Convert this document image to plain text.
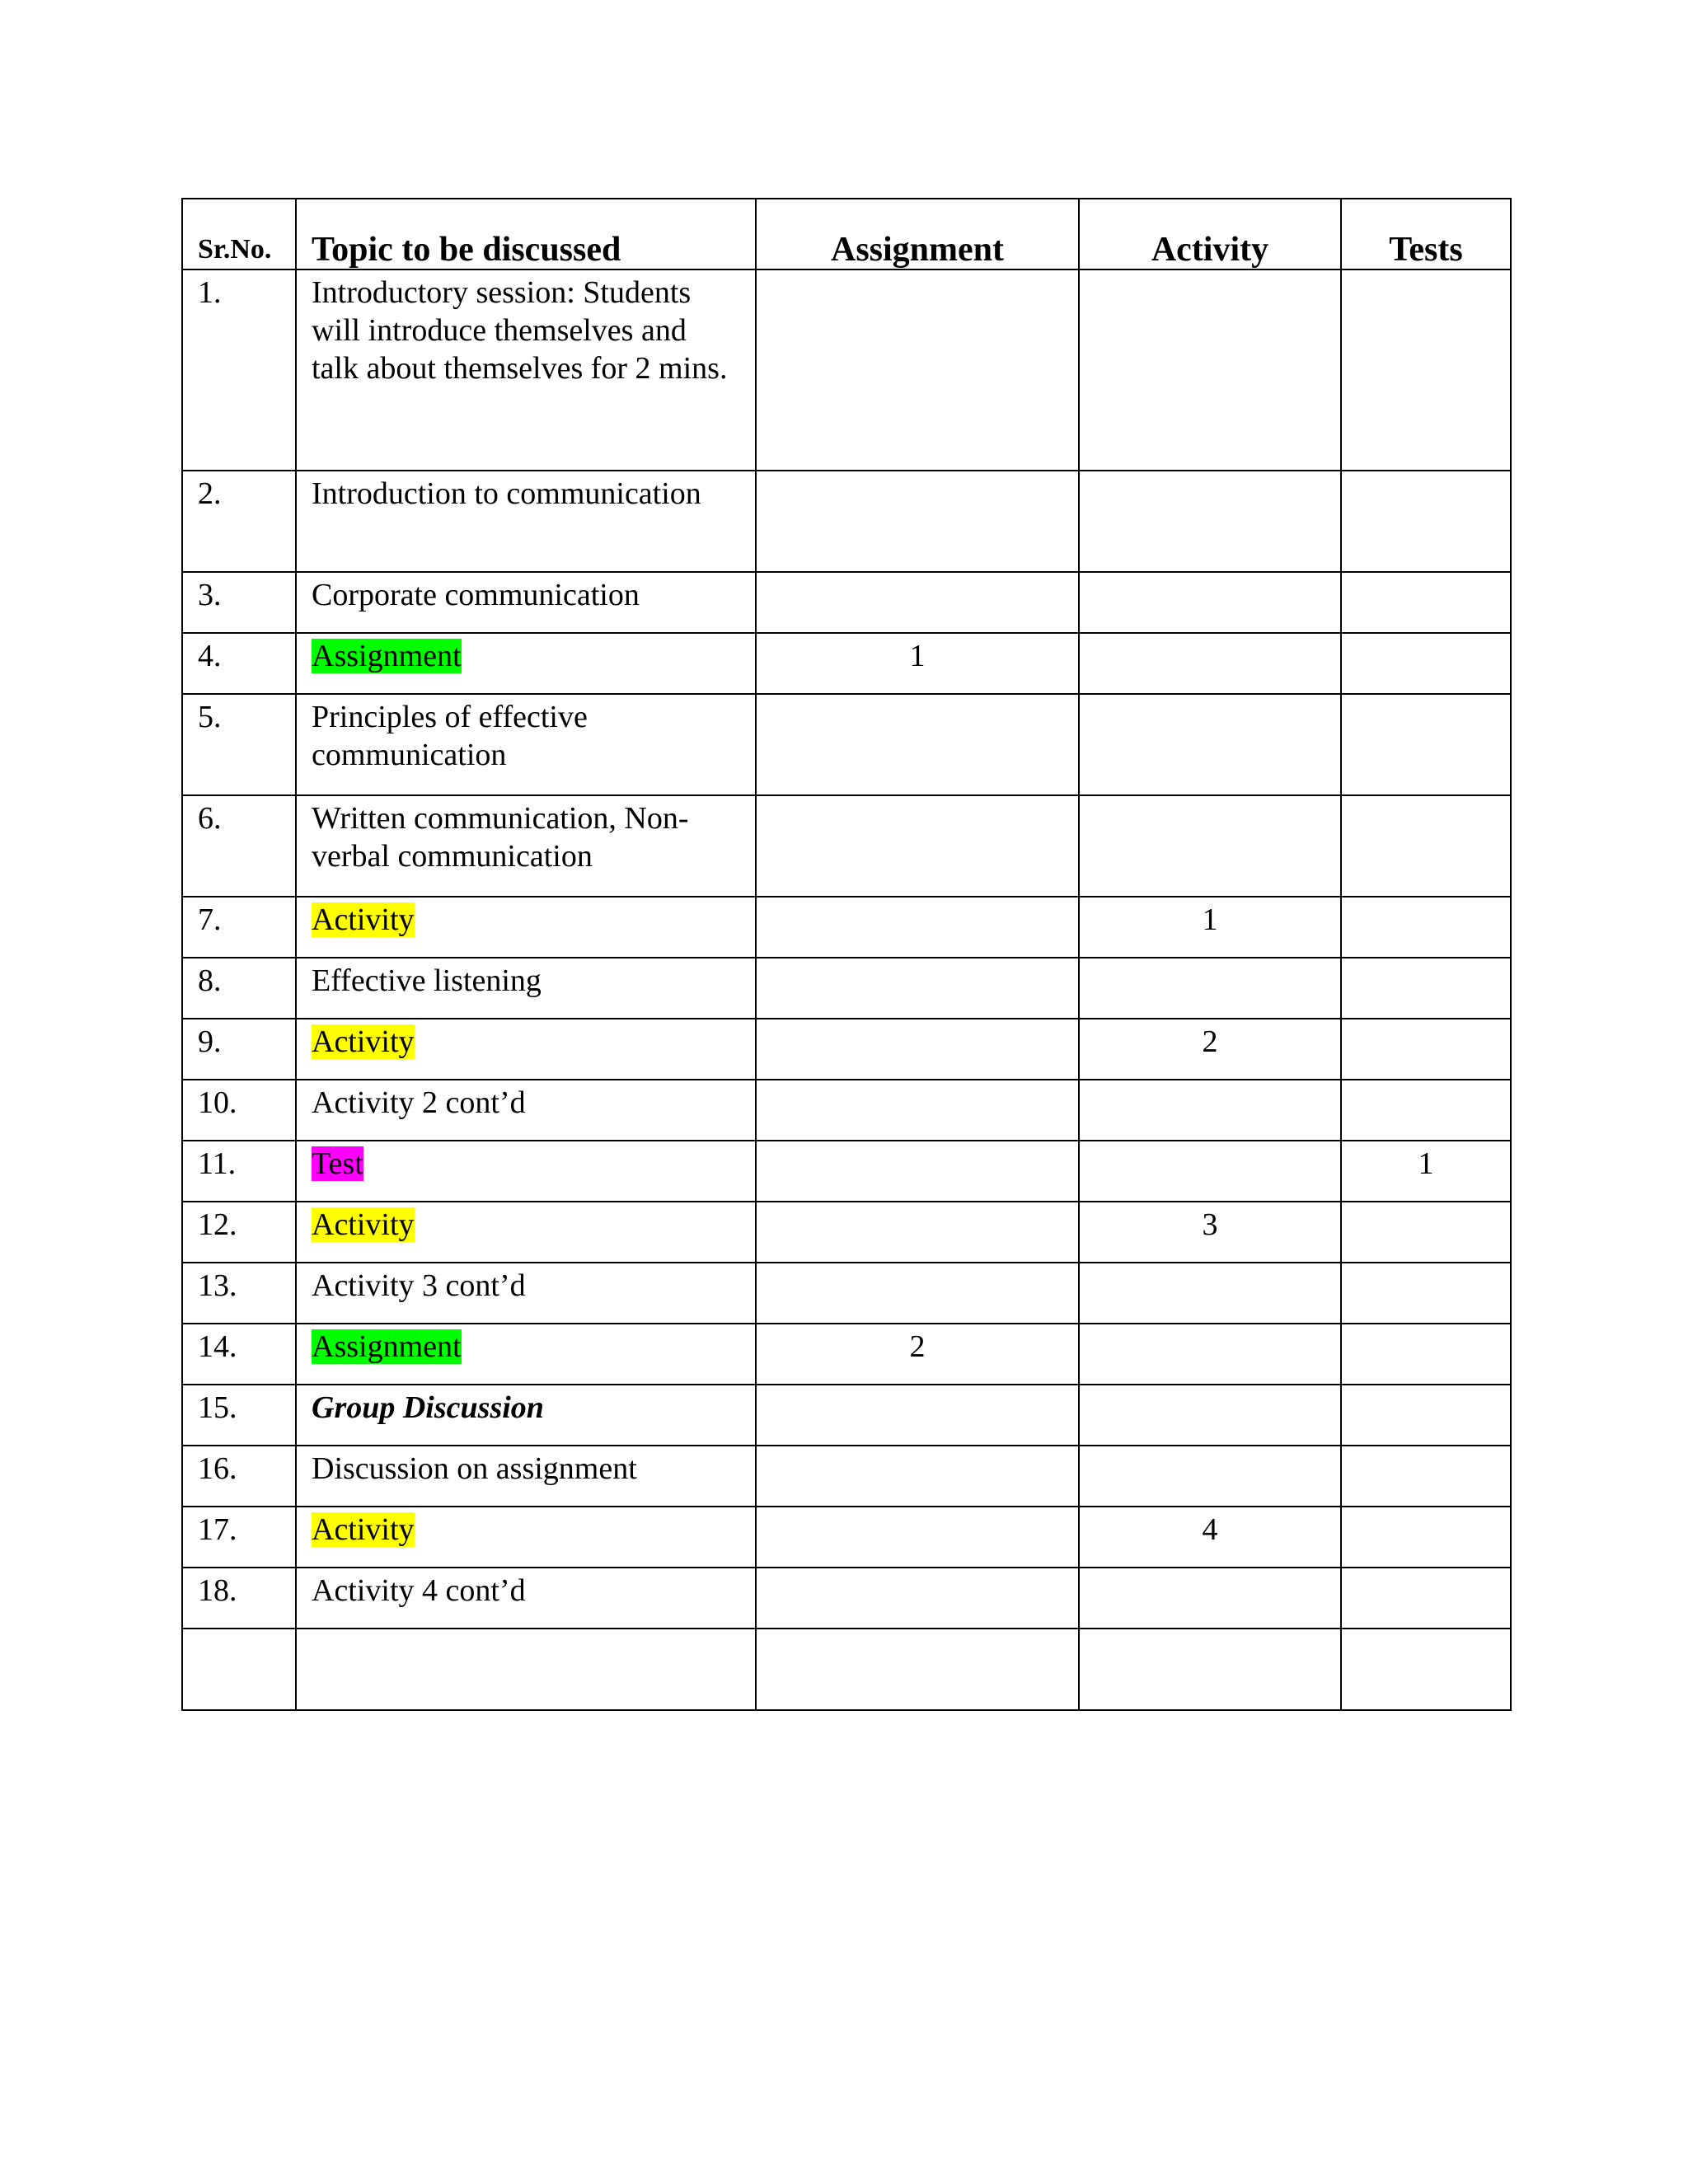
Sr.No.	Topic to be discussed	Assignment	Activity	Tests
1.	Introductory session: Students will introduce themselves and talk about themselves for 2 mins.			
2.	Introduction to communication			
3.	Corporate communication			
4.	Assignment	1		
5.	Principles of effective communication			
6.	Written communication, Non-verbal communication			
7.	Activity		1	
8.	Effective listening			
9.	Activity		2	
10.	Activity 2 cont’d			
11.	Test			1
12.	Activity		3	
13.	Activity 3 cont’d			
14.	Assignment	2		
15.	Group Discussion			
16.	Discussion on assignment			
17.	Activity		4	
18.	Activity 4 cont’d			
